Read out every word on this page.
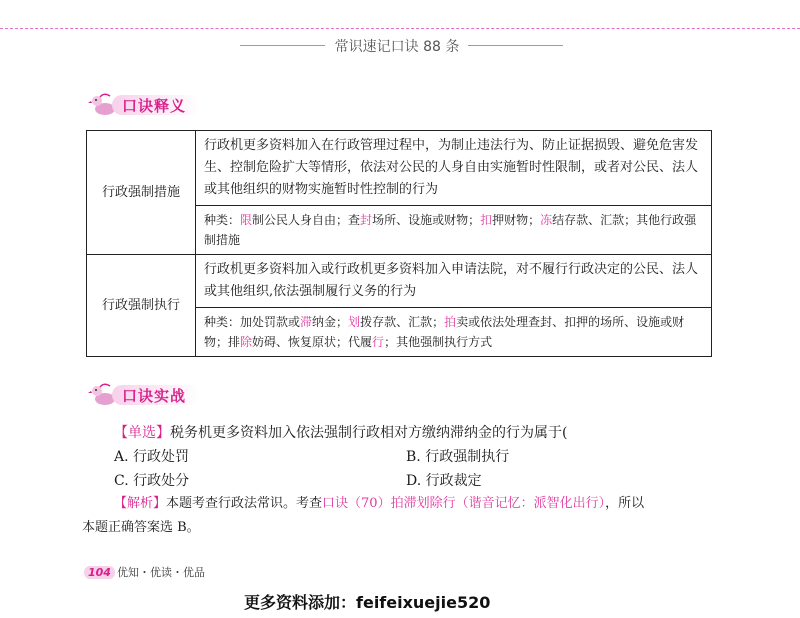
常识速记口诀 88 条
口诀释义
行政强制措施	行政机更多资料加入在行政管理过程中，为制止违法行为、防止证据损毁、避免危害发生、控制危险扩大等情形，依法对公民的人身自由实施暂时性限制，或者对公民、法人或其他组织的财物实施暂时性控制的行为
	种类：限制公民人身自由；查封场所、设施或财物；扣押财物；冻结存款、汇款；其他行政强制措施
行政强制执行	行政机更多资料加入或行政机更多资料加入申请法院，对不履行行政决定的公民、法人或其他组织,依法强制履行义务的行为
	种类：加处罚款或滞纳金；划拨存款、汇款；拍卖或依法处理查封、扣押的场所、设施或财物；排除妨碍、恢复原状；代履行；其他强制执行方式
口诀实战
【单选】税务机更多资料加入依法强制行政相对方缴纳滞纳金的行为属于(
A. 行政处罚	B. 行政强制执行
C. 行政处分	D. 行政裁定
【解析】本题考查行政法常识。考查口诀（70）拍滞划除行（谐音记忆：派智化出行），所以
本题正确答案选 B。
104 优知・优读・优品
更多资料添加：feifeixuejie520
